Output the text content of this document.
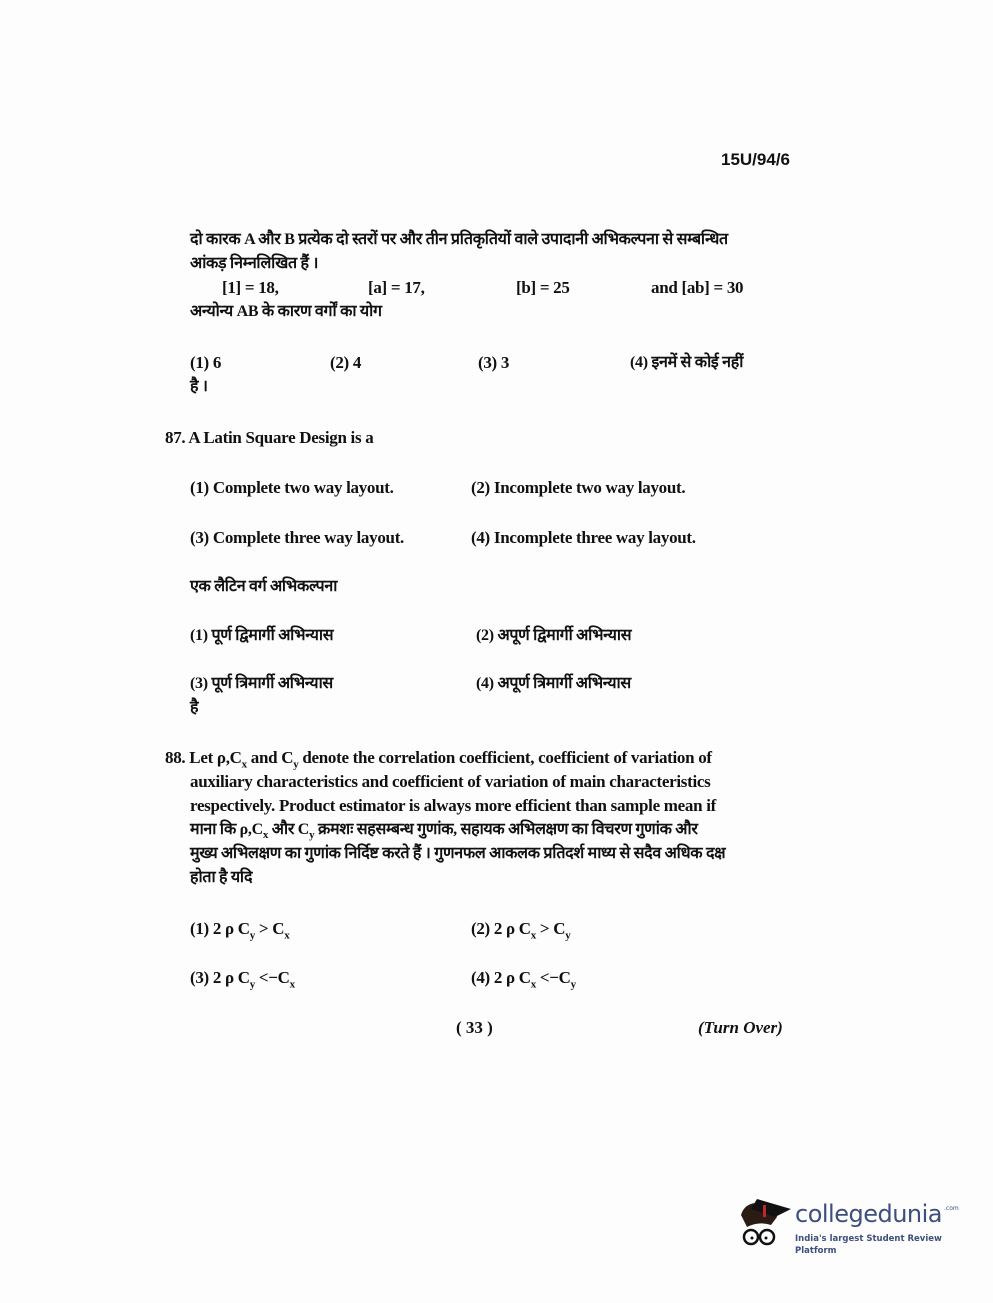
15U/94/6
दो कारक A और B प्रत्येक दो स्तरों पर और तीन प्रतिकृतियों वाले उपादानी अभिकल्पना से सम्बन्धित
आंकड़ निम्नलिखित हैं ।
[1] = 18,	[a] = 17,	[b] = 25	and [ab] = 30
अन्योन्य AB के कारण वर्गों का योग
(1) 6	(2) 4	(3) 3	(4) इनमें से कोई नहीं
है ।
87. A Latin Square Design is a
(1) Complete two way layout.	(2) Incomplete two way layout.
(3) Complete three way layout.	(4) Incomplete three way layout.
एक लैटिन वर्ग अभिकल्पना
(1) पूर्ण द्विमार्गी अभिन्यास	(2) अपूर्ण द्विमार्गी अभिन्यास
(3) पूर्ण त्रिमार्गी अभिन्यास	(4) अपूर्ण त्रिमार्गी अभिन्यास
है
88. Let $\rho,C_x$ and $C_y$ denote the correlation coefficient, coefficient of variation of
auxiliary characteristics and coefficient of variation of main characteristics
respectively. Product estimator is always more efficient than sample mean if
माना कि $\rho,C_x$ और $C_y$ क्रमशः सहसम्बन्ध गुणांक, सहायक अभिलक्षण का विचरण गुणांक और
मुख्य अभिलक्षण का गुणांक निर्दिष्ट करते हैं । गुणनफल आकलक प्रतिदर्श माध्य से सदैव अधिक दक्ष
होता है यदि
(1) 2 ρ $C_y > C_x$	(2) 2 ρ $C_x > C_y$
(3) 2 ρ $C_y <-C_x$	(4) 2 ρ $C_x <-C_y$
( 33 )	(Turn Over)
collegedunia .com
India's largest Student Review Platform
